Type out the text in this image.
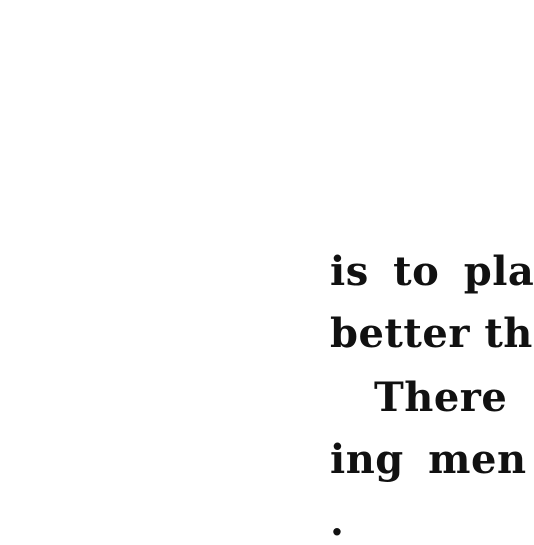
is to pla
better th
There
ing men
.
